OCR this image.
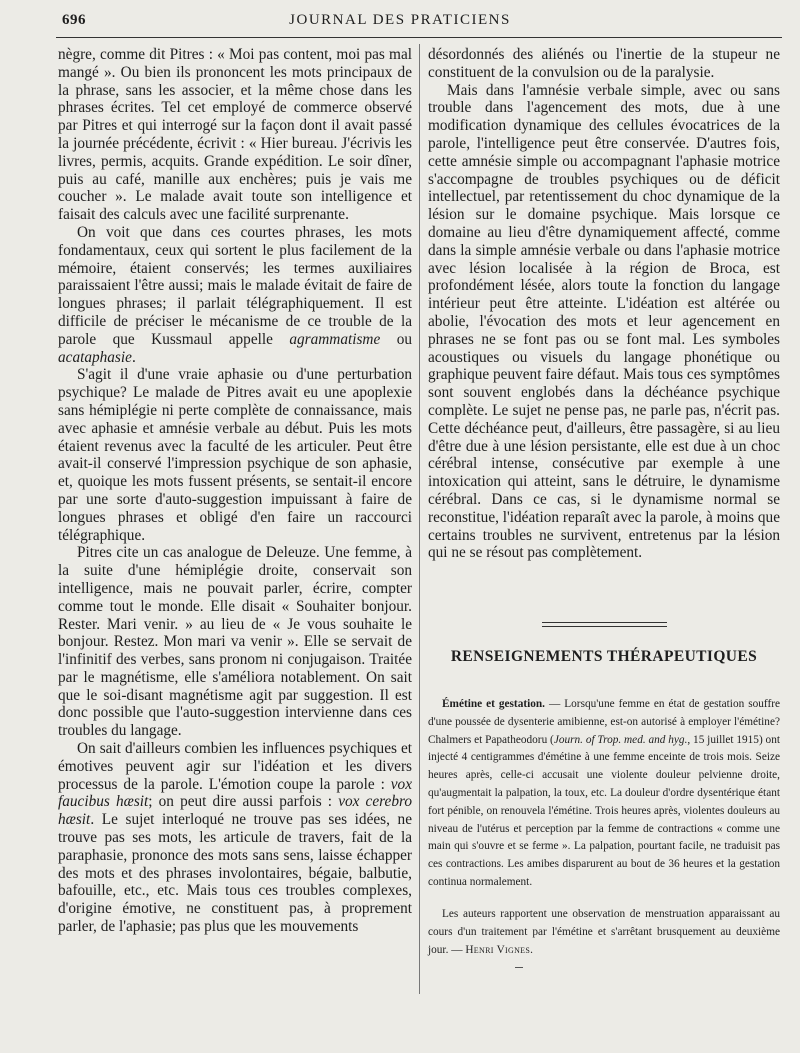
696	JOURNAL DES PRATICIENS

nègre, comme dit Pitres : « Moi pas content, moi pas mal mangé ». Ou bien ils prononcent les mots principaux de la phrase, sans les associer, et la même chose dans les phrases écrites. Tel cet employé de commerce observé par Pitres et qui interrogé sur la façon dont il avait passé la journée précédente, écrivit : « Hier bureau. J'écrivis les livres, permis, acquits. Grande expédition. Le soir dîner, puis au café, manille aux enchères; puis je vais me coucher ». Le malade avait toute son intelligence et faisait des calculs avec une facilité surprenante.

On voit que dans ces courtes phrases, les mots fondamentaux, ceux qui sortent le plus facilement de la mémoire, étaient conservés; les termes auxiliaires paraissaient l'être aussi; mais le malade évitait de faire de longues phrases; il parlait télégraphiquement. Il est difficile de préciser le mécanisme de ce trouble de la parole que Kussmaul appelle agrammatisme ou acataphasie.

S'agit il d'une vraie aphasie ou d'une perturbation psychique? Le malade de Pitres avait eu une apoplexie sans hémiplégie ni perte complète de connaissance, mais avec aphasie et amnésie verbale au début. Puis les mots étaient revenus avec la faculté de les articuler. Peut être avait-il conservé l'impression psychique de son aphasie, et, quoique les mots fussent présents, se sentait-il encore par une sorte d'auto-suggestion impuissant à faire de longues phrases et obligé d'en faire un raccourci télégraphique.

Pitres cite un cas analogue de Deleuze. Une femme, à la suite d'une hémiplégie droite, conservait son intelligence, mais ne pouvait parler, écrire, compter comme tout le monde. Elle disait « Souhaiter bonjour. Rester. Mari venir. » au lieu de « Je vous souhaite le bonjour. Restez. Mon mari va venir ». Elle se servait de l'infinitif des verbes, sans pronom ni conjugaison. Traitée par le magnétisme, elle s'améliora notablement. On sait que le soi-disant magnétisme agit par suggestion. Il est donc possible que l'auto-suggestion intervienne dans ces troubles du langage.

On sait d'ailleurs combien les influences psychiques et émotives peuvent agir sur l'idéation et les divers processus de la parole. L'émotion coupe la parole : vox faucibus hæsit; on peut dire aussi parfois : vox cerebro hæsit. Le sujet interloqué ne trouve pas ses idées, ne trouve pas ses mots, les articule de travers, fait de la paraphasie, prononce des mots sans sens, laisse échapper des mots et des phrases involontaires, bégaie, balbutie, bafouille, etc., etc. Mais tous ces troubles complexes, d'origine émotive, ne constituent pas, à proprement parler, de l'aphasie; pas plus que les mouvements

désordonnés des aliénés ou l'inertie de la stupeur ne constituent de la convulsion ou de la paralysie.

Mais dans l'amnésie verbale simple, avec ou sans trouble dans l'agencement des mots, due à une modification dynamique des cellules évocatrices de la parole, l'intelligence peut être conservée. D'autres fois, cette amnésie simple ou accompagnant l'aphasie motrice s'accompagne de troubles psychiques ou de déficit intellectuel, par retentissement du choc dynamique de la lésion sur le domaine psychique. Mais lorsque ce domaine au lieu d'être dynamiquement affecté, comme dans la simple amnésie verbale ou dans l'aphasie motrice avec lésion localisée à la région de Broca, est profondément lésée, alors toute la fonction du langage intérieur peut être atteinte. L'idéation est altérée ou abolie, l'évocation des mots et leur agencement en phrases ne se font pas ou se font mal. Les symboles acoustiques ou visuels du langage phonétique ou graphique peuvent faire défaut. Mais tous ces symptômes sont souvent englobés dans la déchéance psychique complète. Le sujet ne pense pas, ne parle pas, n'écrit pas. Cette déchéance peut, d'ailleurs, être passagère, si au lieu d'être due à une lésion persistante, elle est due à un choc cérébral intense, consécutive par exemple à une intoxication qui atteint, sans le détruire, le dynamisme cérébral. Dans ce cas, si le dynamisme normal se reconstitue, l'idéation reparaît avec la parole, à moins que certains troubles ne survivent, entretenus par la lésion qui ne se résout pas complètement.

RENSEIGNEMENTS THÉRAPEUTIQUES

Émétine et gestation. — Lorsqu'une femme en état de gestation souffre d'une poussée de dysenterie amibienne, est-on autorisé à employer l'émétine? Chalmers et Papatheodoru (Journ. of Trop. med. and hyg., 15 juillet 1915) ont injecté 4 centigrammes d'émétine à une femme enceinte de trois mois. Seize heures après, celle-ci accusait une violente douleur pelvienne droite, qu'augmentait la palpation, la toux, etc. La douleur d'ordre dysentérique étant fort pénible, on renouvela l'émétine. Trois heures après, violentes douleurs au niveau de l'utérus et perception par la femme de contractions « comme une main qui s'ouvre et se ferme ». La palpation, pourtant facile, ne traduisit pas ces contractions. Les amibes disparurent au bout de 36 heures et la gestation continua normalement.

Les auteurs rapportent une observation de menstruation apparaissant au cours d'un traitement par l'émétine et s'arrêtant brusquement au deuxième jour. — Henri Vignes.
